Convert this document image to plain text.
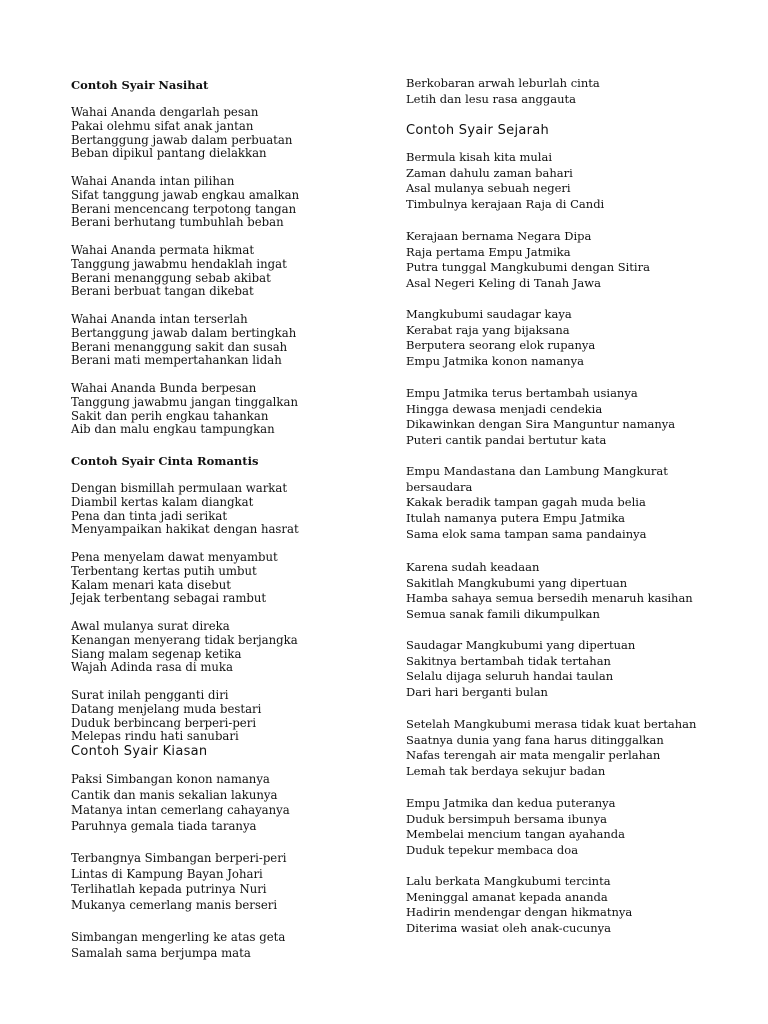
Contoh Syair Nasihat
Wahai Ananda dengarlah pesan
Pakai olehmu sifat anak jantan
Bertanggung jawab dalam perbuatan
Beban dipikul pantang dielakkan
Wahai Ananda intan pilihan
Sifat tanggung jawab engkau amalkan
Berani mencencang terpotong tangan
Berani berhutang tumbuhlah beban
Wahai Ananda permata hikmat
Tanggung jawabmu hendaklah ingat
Berani menanggung sebab akibat
Berani berbuat tangan dikebat
Wahai Ananda intan terserlah
Bertanggung jawab dalam bertingkah
Berani menanggung sakit dan susah
Berani mati mempertahankan lidah
Wahai Ananda Bunda berpesan
Tanggung jawabmu jangan tinggalkan
Sakit dan perih engkau tahankan
Aib dan malu engkau tampungkan
Contoh Syair Cinta Romantis
Dengan bismillah permulaan warkat
Diambil kertas kalam diangkat
Pena dan tinta jadi serikat
Menyampaikan hakikat dengan hasrat
Pena menyelam dawat menyambut
Terbentang kertas putih umbut
Kalam menari kata disebut
Jejak terbentang sebagai rambut
Awal mulanya surat direka
Kenangan menyerang tidak berjangka
Siang malam segenap ketika
Wajah Adinda rasa di muka
Surat inilah pengganti diri
Datang menjelang muda bestari
Duduk berbincang berperi-peri
Melepas rindu hati sanubari
Contoh Syair Kiasan
Paksi Simbangan konon namanya
Cantik dan manis sekalian lakunya
Matanya intan cemerlang cahayanya
Paruhnya gemala tiada taranya
Terbangnya Simbangan berperi-peri
Lintas di Kampung Bayan Johari
Terlihatlah kepada putrinya Nuri
Mukanya cemerlang manis berseri
Simbangan mengerling ke atas geta
Samalah sama berjumpa mata
Berkobaran arwah leburlah cinta
Letih dan lesu rasa anggauta
Contoh Syair Sejarah
Bermula kisah kita mulai
Zaman dahulu zaman bahari
Asal mulanya sebuah negeri
Timbulnya kerajaan Raja di Candi
Kerajaan bernama Negara Dipa
Raja pertama Empu Jatmika
Putra tunggal Mangkubumi dengan Sitira
Asal Negeri Keling di Tanah Jawa
Mangkubumi saudagar kaya
Kerabat raja yang bijaksana
Berputera seorang elok rupanya
Empu Jatmika konon namanya
Empu Jatmika terus bertambah usianya
Hingga dewasa menjadi cendekia
Dikawinkan dengan Sira Manguntur namanya
Puteri cantik pandai bertutur kata
Empu Mandastana dan Lambung Mangkurat
bersaudara
Kakak beradik tampan gagah muda belia
Itulah namanya putera Empu Jatmika
Sama elok sama tampan sama pandainya
Karena sudah keadaan
Sakitlah Mangkubumi yang dipertuan
Hamba sahaya semua bersedih menaruh kasihan
Semua sanak famili dikumpulkan
Saudagar Mangkubumi yang dipertuan
Sakitnya bertambah tidak tertahan
Selalu dijaga seluruh handai taulan
Dari hari berganti bulan
Setelah Mangkubumi merasa tidak kuat bertahan
Saatnya dunia yang fana harus ditinggalkan
Nafas terengah air mata mengalir perlahan
Lemah tak berdaya sekujur badan
Empu Jatmika dan kedua puteranya
Duduk bersimpuh bersama ibunya
Membelai mencium tangan ayahanda
Duduk tepekur membaca doa
Lalu berkata Mangkubumi tercinta
Meninggal amanat kepada ananda
Hadirin mendengar dengan hikmatnya
Diterima wasiat oleh anak-cucunya
